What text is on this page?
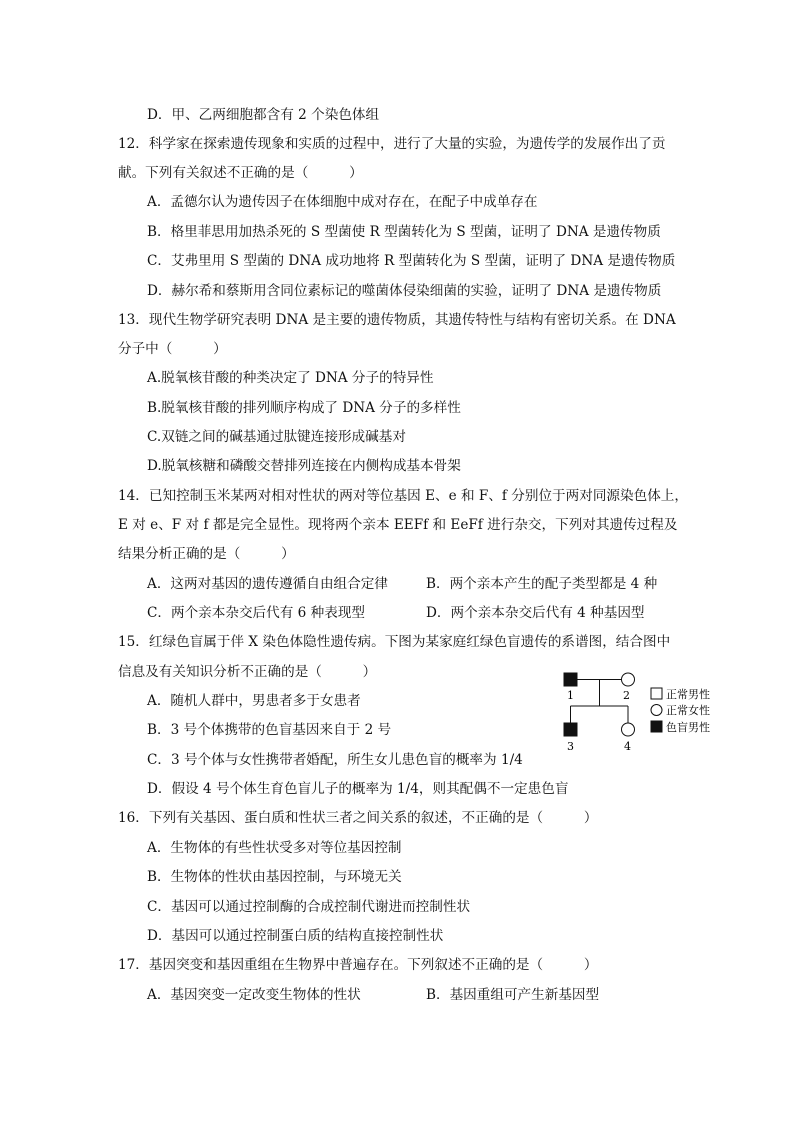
D．甲、乙两细胞都含有 2 个染色体组
12．科学家在探索遗传现象和实质的过程中，进行了大量的实验，为遗传学的发展作出了贡
献。下列有关叙述不正确的是（　　　）
A．孟德尔认为遗传因子在体细胞中成对存在，在配子中成单存在
B．格里菲思用加热杀死的 S 型菌使 R 型菌转化为 S 型菌，证明了 DNA 是遗传物质
C．艾弗里用 S 型菌的 DNA 成功地将 R 型菌转化为 S 型菌，证明了 DNA 是遗传物质
D．赫尔希和蔡斯用含同位素标记的噬菌体侵染细菌的实验，证明了 DNA 是遗传物质
13．现代生物学研究表明 DNA 是主要的遗传物质，其遗传特性与结构有密切关系。在 DNA
分子中（　　　）
A.脱氧核苷酸的种类决定了 DNA 分子的特异性
B.脱氧核苷酸的排列顺序构成了 DNA 分子的多样性
C.双链之间的碱基通过肽键连接形成碱基对
D.脱氧核糖和磷酸交替排列连接在内侧构成基本骨架
14．已知控制玉米某两对相对性状的两对等位基因 E、e 和 F、f 分别位于两对同源染色体上，
E 对 e、F 对 f 都是完全显性。现将两个亲本 EEFf 和 EeFf 进行杂交，下列对其遗传过程及
结果分析正确的是（　　　）
A．这两对基因的遗传遵循自由组合定律	B．两个亲本产生的配子类型都是 4 种
C．两个亲本杂交后代有 6 种表现型	D．两个亲本杂交后代有 4 种基因型
15．红绿色盲属于伴 X 染色体隐性遗传病。下图为某家庭红绿色盲遗传的系谱图，结合图中
信息及有关知识分析不正确的是（　　　）
A．随机人群中，男患者多于女患者
B．3 号个体携带的色盲基因来自于 2 号
C．3 号个体与女性携带者婚配，所生女儿患色盲的概率为 1/4
D．假设 4 号个体生育色盲儿子的概率为 1/4，则其配偶不一定患色盲
1	2
3	4
正常男性
正常女性
色盲男性
16．下列有关基因、蛋白质和性状三者之间关系的叙述，不正确的是（　　　）
A．生物体的有些性状受多对等位基因控制
B．生物体的性状由基因控制，与环境无关
C．基因可以通过控制酶的合成控制代谢进而控制性状
D．基因可以通过控制蛋白质的结构直接控制性状
17．基因突变和基因重组在生物界中普遍存在。下列叙述不正确的是（　　　）
A．基因突变一定改变生物体的性状	B．基因重组可产生新基因型
